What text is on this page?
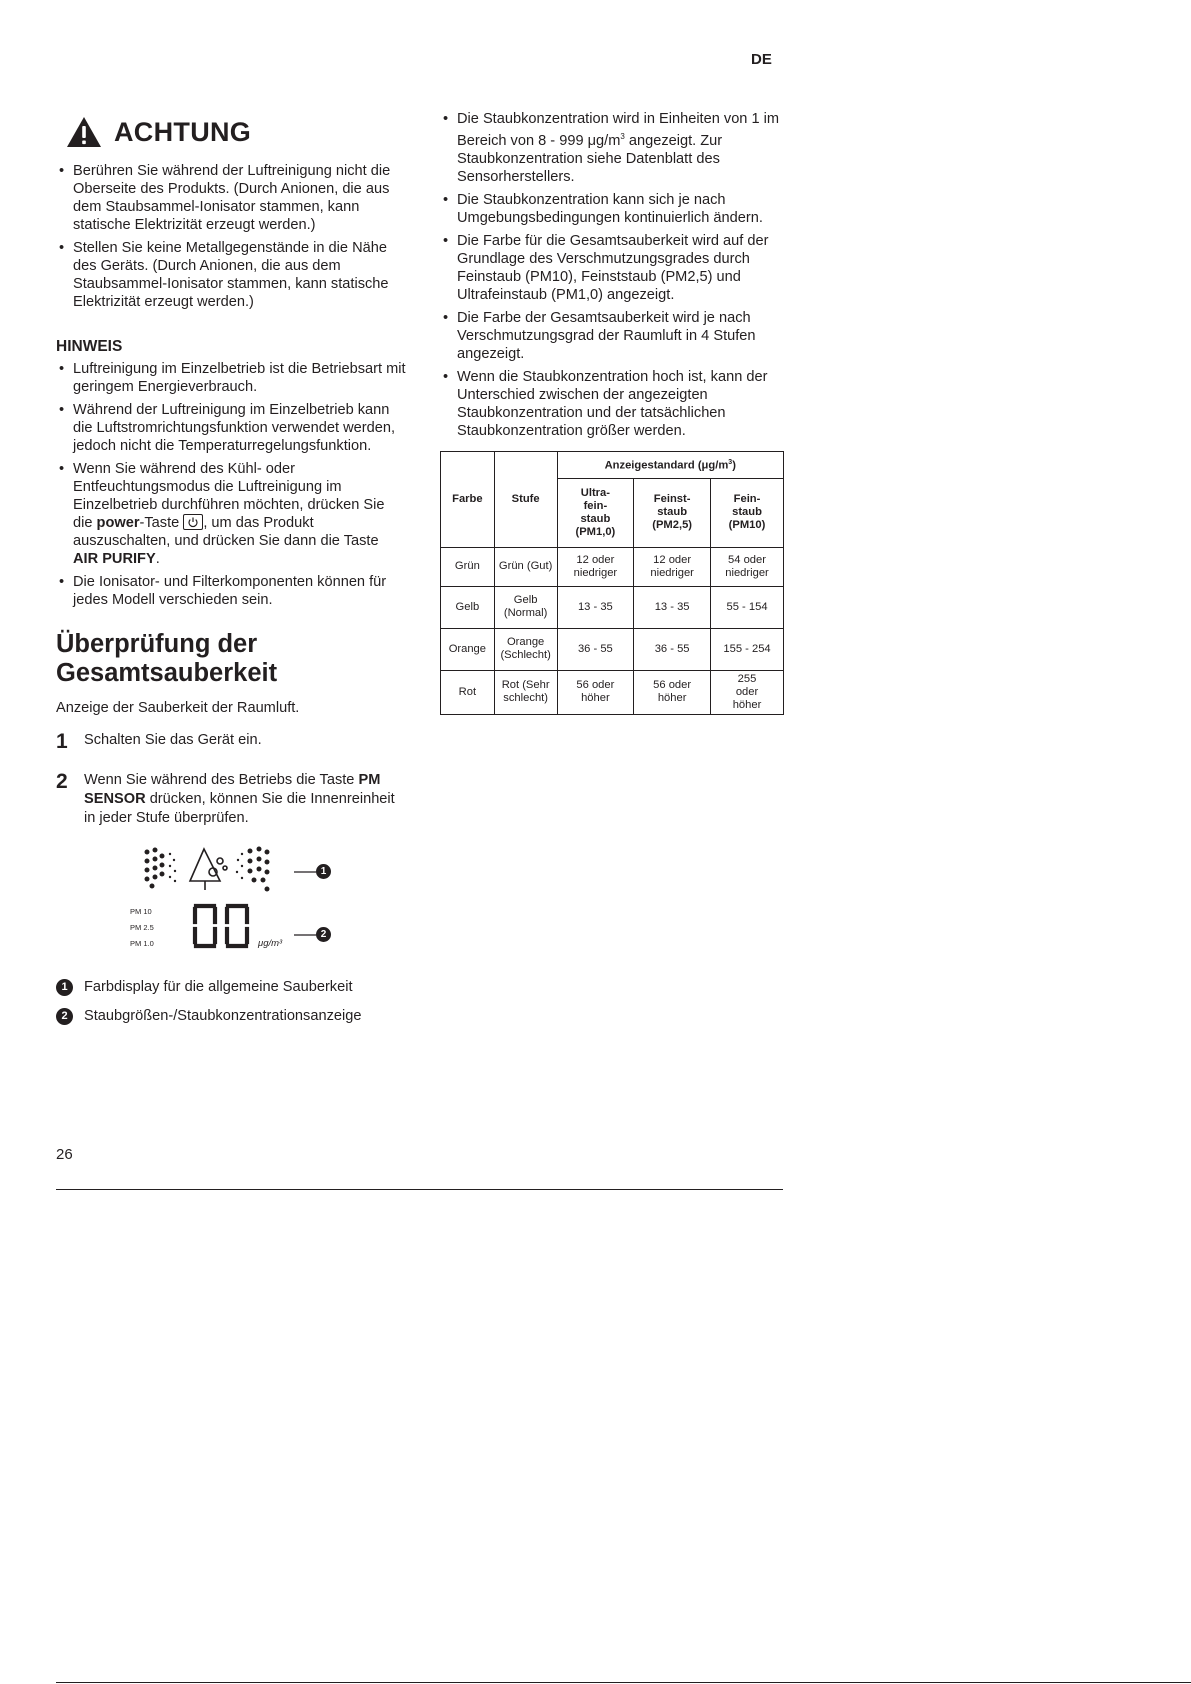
DE
ACHTUNG
• Berühren Sie während der Luftreinigung nicht die Oberseite des Produkts. (Durch Anionen, die aus dem Staubsammel-Ionisator stammen, kann statische Elektrizität erzeugt werden.)
• Stellen Sie keine Metallgegenstände in die Nähe des Geräts. (Durch Anionen, die aus dem Staubsammel-Ionisator stammen, kann statische Elektrizität erzeugt werden.)
HINWEIS
• Luftreinigung im Einzelbetrieb ist die Betriebsart mit geringem Energieverbrauch.
• Während der Luftreinigung im Einzelbetrieb kann die Luftstromrichtungsfunktion verwendet werden, jedoch nicht die Temperaturregelungsfunktion.
• Wenn Sie während des Kühl- oder Entfeuchtungsmodus die Luftreinigung im Einzelbetrieb durchführen möchten, drücken Sie die power-Taste
, um das Produkt auszuschalten, und drücken Sie dann die Taste AIR PURIFY.
• Die Ionisator- und Filterkomponenten können für jedes Modell verschieden sein.
Überprüfung der
Gesamtsauberkeit
Anzeige der Sauberkeit der Raumluft.
1	Schalten Sie das Gerät ein.
2	Wenn Sie während des Betriebs die Taste PM SENSOR drücken, können Sie die Innenreinheit in jeder Stufe überprüfen.
1
PM 10
PM 2.5
PM 1.0	μg/m³
2
1	Farbdisplay für die allgemeine Sauberkeit
2	Staubgrößen-/Staubkonzentrationsanzeige
• Die Staubkonzentration wird in Einheiten von 1 im Bereich von 8 - 999 $\mu g/m^3$ angezeigt. Zur Staubkonzentration siehe Datenblatt des Sensorherstellers.
• Die Staubkonzentration kann sich je nach Umgebungsbedingungen kontinuierlich ändern.
• Die Farbe für die Gesamtsauberkeit wird auf der Grundlage des Verschmutzungsgrades durch Feinstaub (PM10), Feinststaub (PM2,5) und Ultrafeinstaub (PM1,0) angezeigt.
• Die Farbe der Gesamtsauberkeit wird je nach Verschmutzungsgrad der Raumluft in 4 Stufen angezeigt.
• Wenn die Staubkonzentration hoch ist, kann der Unterschied zwischen der angezeigten Staubkonzentration und der tatsächlichen Staubkonzentration größer werden.
Farbe	Stufe	Anzeigestandard $(\mu g/m^3)$		
		Ultra-fein-staub (PM1,0)	Feinst-staub (PM2,5)	Fein-staub (PM10)
Grün	Grün (Gut)	12 oder niedriger	12 oder niedriger	54 oder niedriger
Gelb	Gelb (Normal)	13 - 35	13 - 35	55 - 154
Orange	Orange (Schlecht)	36 - 55	36 - 55	155 - 254
Rot	Rot (Sehr schlecht)	56 oder höher	56 oder höher	255 oder höher
26
